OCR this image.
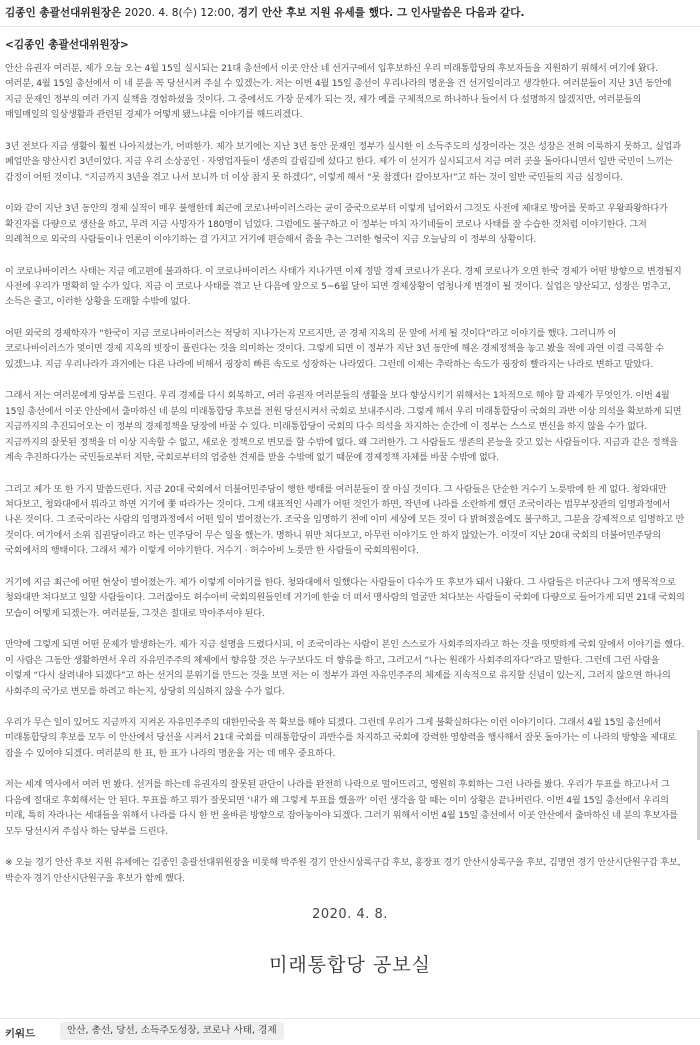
김종인 총괄선대위원장은 2020. 4. 8(수) 12:00, 경기 안산 후보 지원 유세를 했다. 그 인사말씀은 다음과 같다.
<김종인 총괄선대위원장>

안산 유권자 여러분, 제가 오늘 오는 4월 15일 실시되는 21대 총선에서 이곳 안산 네 선거구에서 입후보하신 우리 미래통합당의 후보자들을 지원하기 위해서 여기에 왔다. 여러분, 4월 15일 총선에서 이 네 분을 꼭 당선시켜 주실 수 있겠는가. 저는 이번 4월 15일 총선이 우리나라의 명운을 건 선거일이라고 생각한다. 여러분들이 지난 3년 동안에 지금 문재인 정부의 여러 가지 실책을 경험하셨을 것이다. 그 중에서도 가장 문제가 되는 것, 제가 예를 구체적으로 하나하나 들어서 다 설명하지 않겠지만, 여러분들의 매일매일의 일상생활과 관련된 경제가 어떻게 됐느냐를 이야기를 해드리겠다.

3년 전보다 지금 생활이 훨씬 나아지셨는가, 어떠한가. 제가 보기에는 지난 3년 동안 문재인 정부가 실시한 이 소득주도의 성장이라는 것은 성장은 전혀 이룩하지 못하고, 실업과 폐업만을 양산시킨 3년이었다. 지금 우리 소상공인 · 자영업자들이 생존의 갈림길에 섰다고 한다. 제가 이 선거가 실시되고서 지금 여러 곳을 돌아다니면서 일반 국민이 느끼는 감정이 어떤 것이냐. “지금까지 3년을 겪고 나서 보니까 더 이상 참지 못 하겠다”, 이렇게 해서 “못 참겠다! 갈아보자!”고 하는 것이 일반 국민들의 지금 심정이다.

이와 같이 지난 3년 동안의 경제 실적이 매우 불행한데 최근에 코로나바이러스라는 균이 중국으로부터 이렇게 넘어와서 그것도 사전에 제대로 방어를 못하고 우왕좌왕하다가 확진자를 다량으로 생산을 하고, 무려 지금 사망자가 180명이 넘었다. 그럼에도 불구하고 이 정부는 마치 자기네들이 코로나 사태를 잘 수습한 것처럼 이야기한다. 그저 의례적으로 외국의 사람들이나 언론이 이야기하는 걸 가지고 거기에 편승해서 춤을 추는 그러한 형국이 지금 오늘날의 이 정부의 상황이다.

이 코로나바이러스 사태는 지금 예고편에 불과하다. 이 코로나바이러스 사태가 지나가면 이제 정말 경제 코로나가 온다. 경제 코로나가 오면 한국 경제가 어떤 방향으로 변경될지 사전에 우리가 명확히 알 수가 있다. 지금 이 코로나 사태를 겪고 난 다음에 앞으로 5~6월 달이 되면 경제상황이 엄청나게 변경이 될 것이다. 실업은 양산되고, 성장은 멈추고, 소득은 줄고, 이러한 상황을 도래할 수밖에 없다.

어떤 외국의 경제학자가 “한국이 지금 코로나바이러스는 적당히 지나가는지 모르지만, 곧 경제 지옥의 문 앞에 서게 될 것이다”라고 이야기를 했다. 그러니까 이 코로나바이러스가 멎이면 경제 지옥의 빗장이 풀린다는 것을 의미하는 것이다. 그렇게 되면 이 정부가 지난 3년 동안에 해온 경제정책을 놓고 봤을 적에 과연 이걸 극복할 수 있겠느냐. 지금 우리나라가 과거에는 다른 나라에 비해서 굉장히 빠른 속도로 성장하는 나라였다. 그런데 이제는 추락하는 속도가 굉장히 빨라지는 나라로 변하고 말았다.

그래서 저는 여러분에게 당부를 드린다. 우리 경제를 다시 회복하고, 여러 유권자 여러분들의 생활을 보다 향상시키기 위해서는 1차적으로 해야 할 과제가 무엇인가. 이번 4월 15일 총선에서 이곳 안산에서 출마하신 네 분의 미래통합당 후보를 전원 당선시켜서 국회로 보내주시라. 그렇게 해서 우리 미래통합당이 국회의 과반 이상 의석을 확보하게 되면 지금까지의 추진되어오는 이 정부의 경제정책을 당장에 바꿀 수 있다. 미래통합당이 국회의 다수 의석을 차지하는 순간에 이 정부는 스스로 변신을 하지 않을 수가 없다. 지금까지의 잘못된 정책을 더 이상 지속할 수 없고, 새로운 정책으로 변모를 할 수밖에 없다. 왜 그러한가. 그 사람들도 생존의 본능을 갖고 있는 사람들이다. 지금과 같은 정책을 계속 추진하다가는 국민들로부터 지탄, 국회로부터의 엄중한 견제를 받을 수밖에 없기 때문에 경제정책 자체를 바꿀 수밖에 없다.

그리고 제가 또 한 가지 말씀드린다. 지금 20대 국회에서 더불어민주당이 행한 행태를 여러분들이 잘 아실 것이다. 그 사람들은 단순한 거수기 노릇밖에 한 게 없다. 청와대만 쳐다보고, 청와대에서 뭐라고 하면 거기에 쫓 따라가는 것이다. 그게 대표적인 사례가 어떤 것인가 하면, 작년에 나라를 소란하게 했던 조국이라는 법무부장관의 임명과정에서 나온 것이다. 그 조국이라는 사람의 임명과정에서 어떤 일이 벌어졌는가. 조국을 임명하기 전에 이미 세상에 모든 것이 다 밝혀졌음에도 불구하고, 그분을 강제적으로 임명하고 만 것이다. 여기에서 소위 집권당이라고 하는 민주당이 무슨 일을 했는가. 명하니 위만 쳐다보고, 아무런 이야기도 안 하지 않았는가. 이것이 지난 20대 국회의 더불어민주당의 국회에서의 행태이다. 그래서 제가 이렇게 이야기한다. 거수기 · 허수아비 노릇만 한 사람들이 국회의원이다.

거기에 지금 최근에 어떤 현상이 벌어졌는가. 제가 이렇게 이야기를 한다. 청와대에서 일했다는 사람들이 다수가 또 후보가 돼서 나왔다. 그 사람들은 더군다나 그저 맹목적으로 청와대만 쳐다보고 일할 사람들이다. 그러잖아도 허수아비 국회의원들인데 거기에 한술 더 떠서 맹사람의 얼굴만 쳐다보는 사람들이 국회에 다량으로 들어가게 되면 21대 국회의 모습이 어떻게 되겠는가. 여러분들, 그것은 절대로 막아주셔야 된다.

만약에 그렇게 되면 어떤 문제가 발생하는가. 제가 지금 설명을 드렸다시피, 이 조국이라는 사람이 본인 스스로가 사회주의자라고 하는 것을 떳떳하게 국회 앞에서 이야기를 했다. 이 사람은 그동안 생활하면서 우리 자유민주주의 체제에서 향유할 것은 누구보다도 더 향유를 하고, 그러고서 “나는 원래가 사회주의자다”라고 말한다. 그런데 그런 사람을 이렇게 “다시 살려내야 되겠다”고 하는 선거의 분위기를 만드는 것을 보면 저는 이 정부가 과연 자유민주주의 체제를 지속적으로 유지할 신념이 있는지, 그러지 않으면 하나의 사회주의 국가로 변모를 하려고 하는지, 상당히 의심하지 않을 수가 없다.

우리가 무슨 일이 있어도 지금까지 지켜온 자유민주주의 대한민국을 꼭 확보를 해야 되겠다. 그런데 우리가 그게 불확실하다는 이런 이야기이다. 그래서 4월 15일 총선에서 미래통합당의 후보를 모두 이 안산에서 당선을 시켜서 21대 국회를 미래통합당이 과반수를 차지하고 국회에 강력한 영향력을 행사해서 잘못 돌아가는 이 나라의 방향을 제대로 잡을 수 있어야 되겠다. 여러분의 한 표, 한 표가 나라의 명운을 거는 데 매우 중요하다.

저는 세계 역사에서 여러 번 봤다. 선거를 하는데 유권자의 잘못된 판단이 나라를 완전히 나락으로 떨어뜨리고, 영원히 후회하는 그런 나라를 봤다. 우리가 투표를 하고나서 그 다음에 절대로 후회해서는 안 된다. 투표를 하고 뭐가 잘못되면 ‘내가 왜 그렇게 투표를 했을까’ 이런 생각을 할 때는 이미 상황은 끝나버린다. 이번 4월 15일 총선에서 우리의 미래, 특히 자라나는 세대들을 위해서 나라를 다시 한 번 올바른 방향으로 잡아놓아야 되겠다. 그러기 위해서 이번 4월 15일 총선에서 이곳 안산에서 출마하신 네 분의 후보자를 모두 당선시켜 주십사 하는 당부를 드린다.

※ 오늘 경기 안산 후보 지원 유세에는 김종인 총괄선대위원장을 비롯해 박주원 경기 안산시상록구갑 후보, 홍장표 경기 안산시상록구을 후보, 김명연 경기 안산시단원구갑 후보, 박순자 경기 안산시단원구을 후보가 함께 했다.

2020. 4. 8.
미래통합당 공보실
키워드	안산, 총선, 당선, 소득주도성장, 코로나 사태, 경제
